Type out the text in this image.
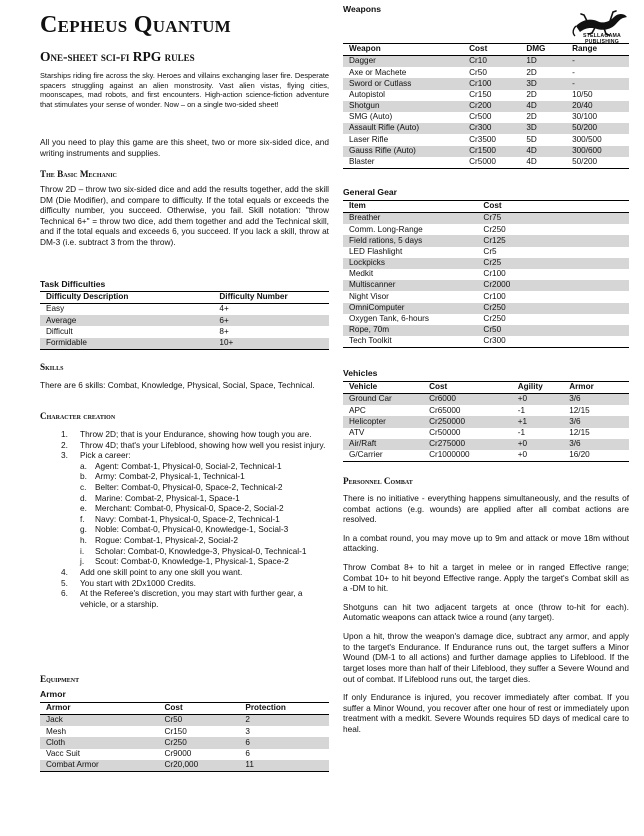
Cepheus Quantum
One-sheet sci-fi RPG rules

Starships riding fire across the sky. Heroes and villains exchanging laser fire. Desperate spacers struggling against an alien monstrosity. Vast alien vistas, flying cities, moonscapes, mad robots, and first encounters. High-action science-fiction adventure that stimulates your sense of wonder. Now – on a single two-sided sheet!

All you need to play this game are this sheet, two or more six-sided dice, and writing instruments and supplies.

The Basic Mechanic

Throw 2D – throw two six-sided dice and add the results together, add the skill DM (Die Modifier), and compare to difficulty. If the total equals or exceeds the difficulty number, you succeed. Otherwise, you fail. Skill notation: "throw Technical 6+" = throw two dice, add them together and add the Technical skill, and if the total equals and exceeds 6, you succeed. If you lack a skill, throw at DM-3 (i.e. subtract 3 from the throw).

Task Difficulties
Difficulty Description	Difficulty Number
Easy	4+
Average	6+
Difficult	8+
Formidable	10+
Skills

There are 6 skills: Combat, Knowledge, Physical, Social, Space, Technical.

Character creation
1. Throw 2D; that is your Endurance, showing how tough you are.
2. Throw 4D; that's your Lifeblood, showing how well you resist injury.
3. Pick a career:
a. Agent: Combat-1, Physical-0, Social-2, Technical-1
b. Army: Combat-2, Physical-1, Technical-1
c. Belter: Combat-0, Physical-0, Space-2, Technical-2
d. Marine: Combat-2, Physical-1, Space-1
e. Merchant: Combat-0, Physical-0, Space-2, Social-2
f. Navy: Combat-1, Physical-0, Space-2, Technical-1
g. Noble: Combat-0, Physical-0, Knowledge-1, Social-3
h. Rogue: Combat-1, Physical-2, Social-2
i. Scholar: Combat-0, Knowledge-3, Physical-0, Technical-1
j. Scout: Combat-0, Knowledge-1, Physical-1, Space-2
4. Add one skill point to any one skill you want.
5. You start with 2Dx1000 Credits.
6. At the Referee's discretion, you may start with further gear, a vehicle, or a starship.
Equipment
Armor
Armor	Cost	Protection
Jack	Cr50	2
Mesh	Cr150	3
Cloth	Cr250	6
Vacc Suit	Cr9000	6
Combat Armor	Cr20,000	11
Weapons
Weapon	Cost	DMG	Range
Dagger	Cr10	1D	-
Axe or Machete	Cr50	2D	-
Sword or Cutlass	Cr100	3D	-
Autopistol	Cr150	2D	10/50
Shotgun	Cr200	4D	20/40
SMG (Auto)	Cr500	2D	30/100
Assault Rifle (Auto)	Cr300	3D	50/200
Laser Rifle	Cr3500	5D	300/500
Gauss Rifle (Auto)	Cr1500	4D	300/600
Blaster	Cr5000	4D	50/200
General Gear
Item	Cost
Breather	Cr75
Comm. Long-Range	Cr250
Field rations, 5 days	Cr125
LED Flashlight	Cr5
Lockpicks	Cr25
Medkit	Cr100
Multiscanner	Cr2000
Night Visor	Cr100
OmniComputer	Cr250
Oxygen Tank, 6-hours	Cr250
Rope, 70m	Cr50
Tech Toolkit	Cr300
Vehicles
Vehicle	Cost	Agility	Armor
Ground Car	Cr6000	+0	3/6
APC	Cr65000	-1	12/15
Helicopter	Cr250000	+1	3/6
ATV	Cr50000	-1	12/15
Air/Raft	Cr275000	+0	3/6
G/Carrier	Cr1000000	+0	16/20
Personnel Combat

There is no initiative - everything happens simultaneously, and the results of combat actions (e.g. wounds) are applied after all combat actions are resolved.

In a combat round, you may move up to 9m and attack or move 18m without attacking.

Throw Combat 8+ to hit a target in melee or in ranged Effective range; Combat 10+ to hit beyond Effective range. Apply the target's Combat skill as a -DM to hit.

Shotguns can hit two adjacent targets at once (throw to-hit for each). Automatic weapons can attack twice a round (any target).

Upon a hit, throw the weapon's damage dice, subtract any armor, and apply to the target's Endurance. If Endurance runs out, the target suffers a Minor Wound (DM-1 to all actions) and further damage applies to Lifeblood. If the target loses more than half of their Lifeblood, they suffer a Severe Wound and out of combat. If Lifeblood runs out, the target dies.

If only Endurance is injured, you recover immediately after combat. If you suffer a Minor Wound, you recover after one hour of rest or immediately upon treatment with a medkit. Severe Wounds requires 5D days of medical care to heal.

STELLAGAMA
PUBLISHING
